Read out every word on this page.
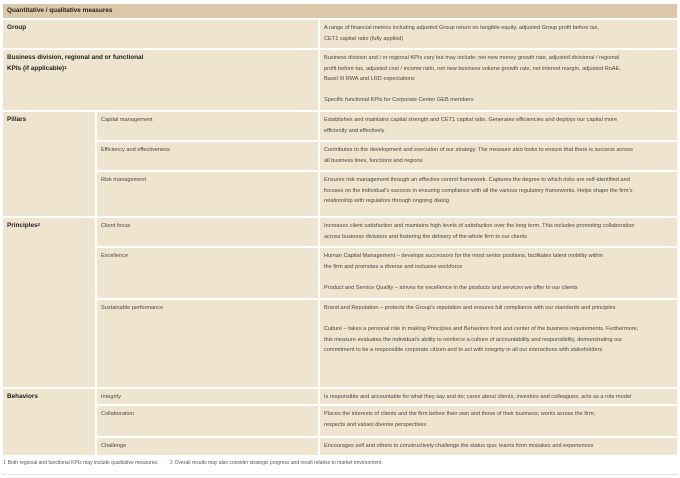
Quantitative / qualitative measures
Group	A range of financial metrics including adjusted Group return on tangible equity, adjusted Group profit before tax,

CET1 capital ratio (fully applied)

Business division, regional and or functional
KPIs (if applicable)$^1$

Business division and / or regional KPIs vary but may include: net new money growth rate, adjusted divisional / regional

profit before tax, adjusted cost / income ratio, net new business volume growth rate, net interest margin, adjusted RoAE,

Basel III RWA and LRD expectations

Specific functional KPIs for Corporate Center GEB members

Pillars	Capital management	Establishes and maintains capital strength and CET1 capital ratio. Generates efficiencies and deploys our capital more

efficiently and effectively

Efficiency and effectiveness	Contributes to the development and execution of our strategy. The measure also looks to ensure that there is success across

all business lines, functions and regions

Risk management	Ensures risk management through an effective control framework. Captures the degree to which risks are self-identified and

focuses on the individual’s success in ensuring compliance with all the various regulatory frameworks. Helps shape the firm’s

relationship with regulators through ongoing dialog

Principles$^2$	Client focus	Increases client satisfaction and maintains high levels of satisfaction over the long term. This includes promoting collaboration

across business divisions and fostering the delivery of the whole firm to our clients

Excellence	Human Capital Management – develops successors for the most senior positions, facilitates talent mobility within

the firm and promotes a diverse and inclusive workforce

Product and Service Quality – strives for excellence in the products and services we offer to our clients

Sustainable performance	Brand and Reputation – protects the Group’s reputation and ensures full compliance with our standards and principles

Culture – takes a personal role in making Principles and Behaviors front and center of the business requirements. Furthermore,

this measure evaluates the individual’s ability to reinforce a culture of accountability and responsibility, demonstrating our

commitment to be a responsible corporate citizen and to act with integrity in all our interactions with stakeholders

Behaviors	Integrity	Is responsible and accountable for what they say and do; cares about clients, investors and colleagues; acts as a role model

Collaboration	Places the interests of clients and the firm before their own and those of their business; works across the firm;

respects and values diverse perspectives

Challenge	Encourages self and others to constructively challenge the status quo; learns from mistakes and experiences

1 Both regional and functional KPIs may include qualitative measures. 2 Overall results may also consider strategic progress and result relative to market environment.
